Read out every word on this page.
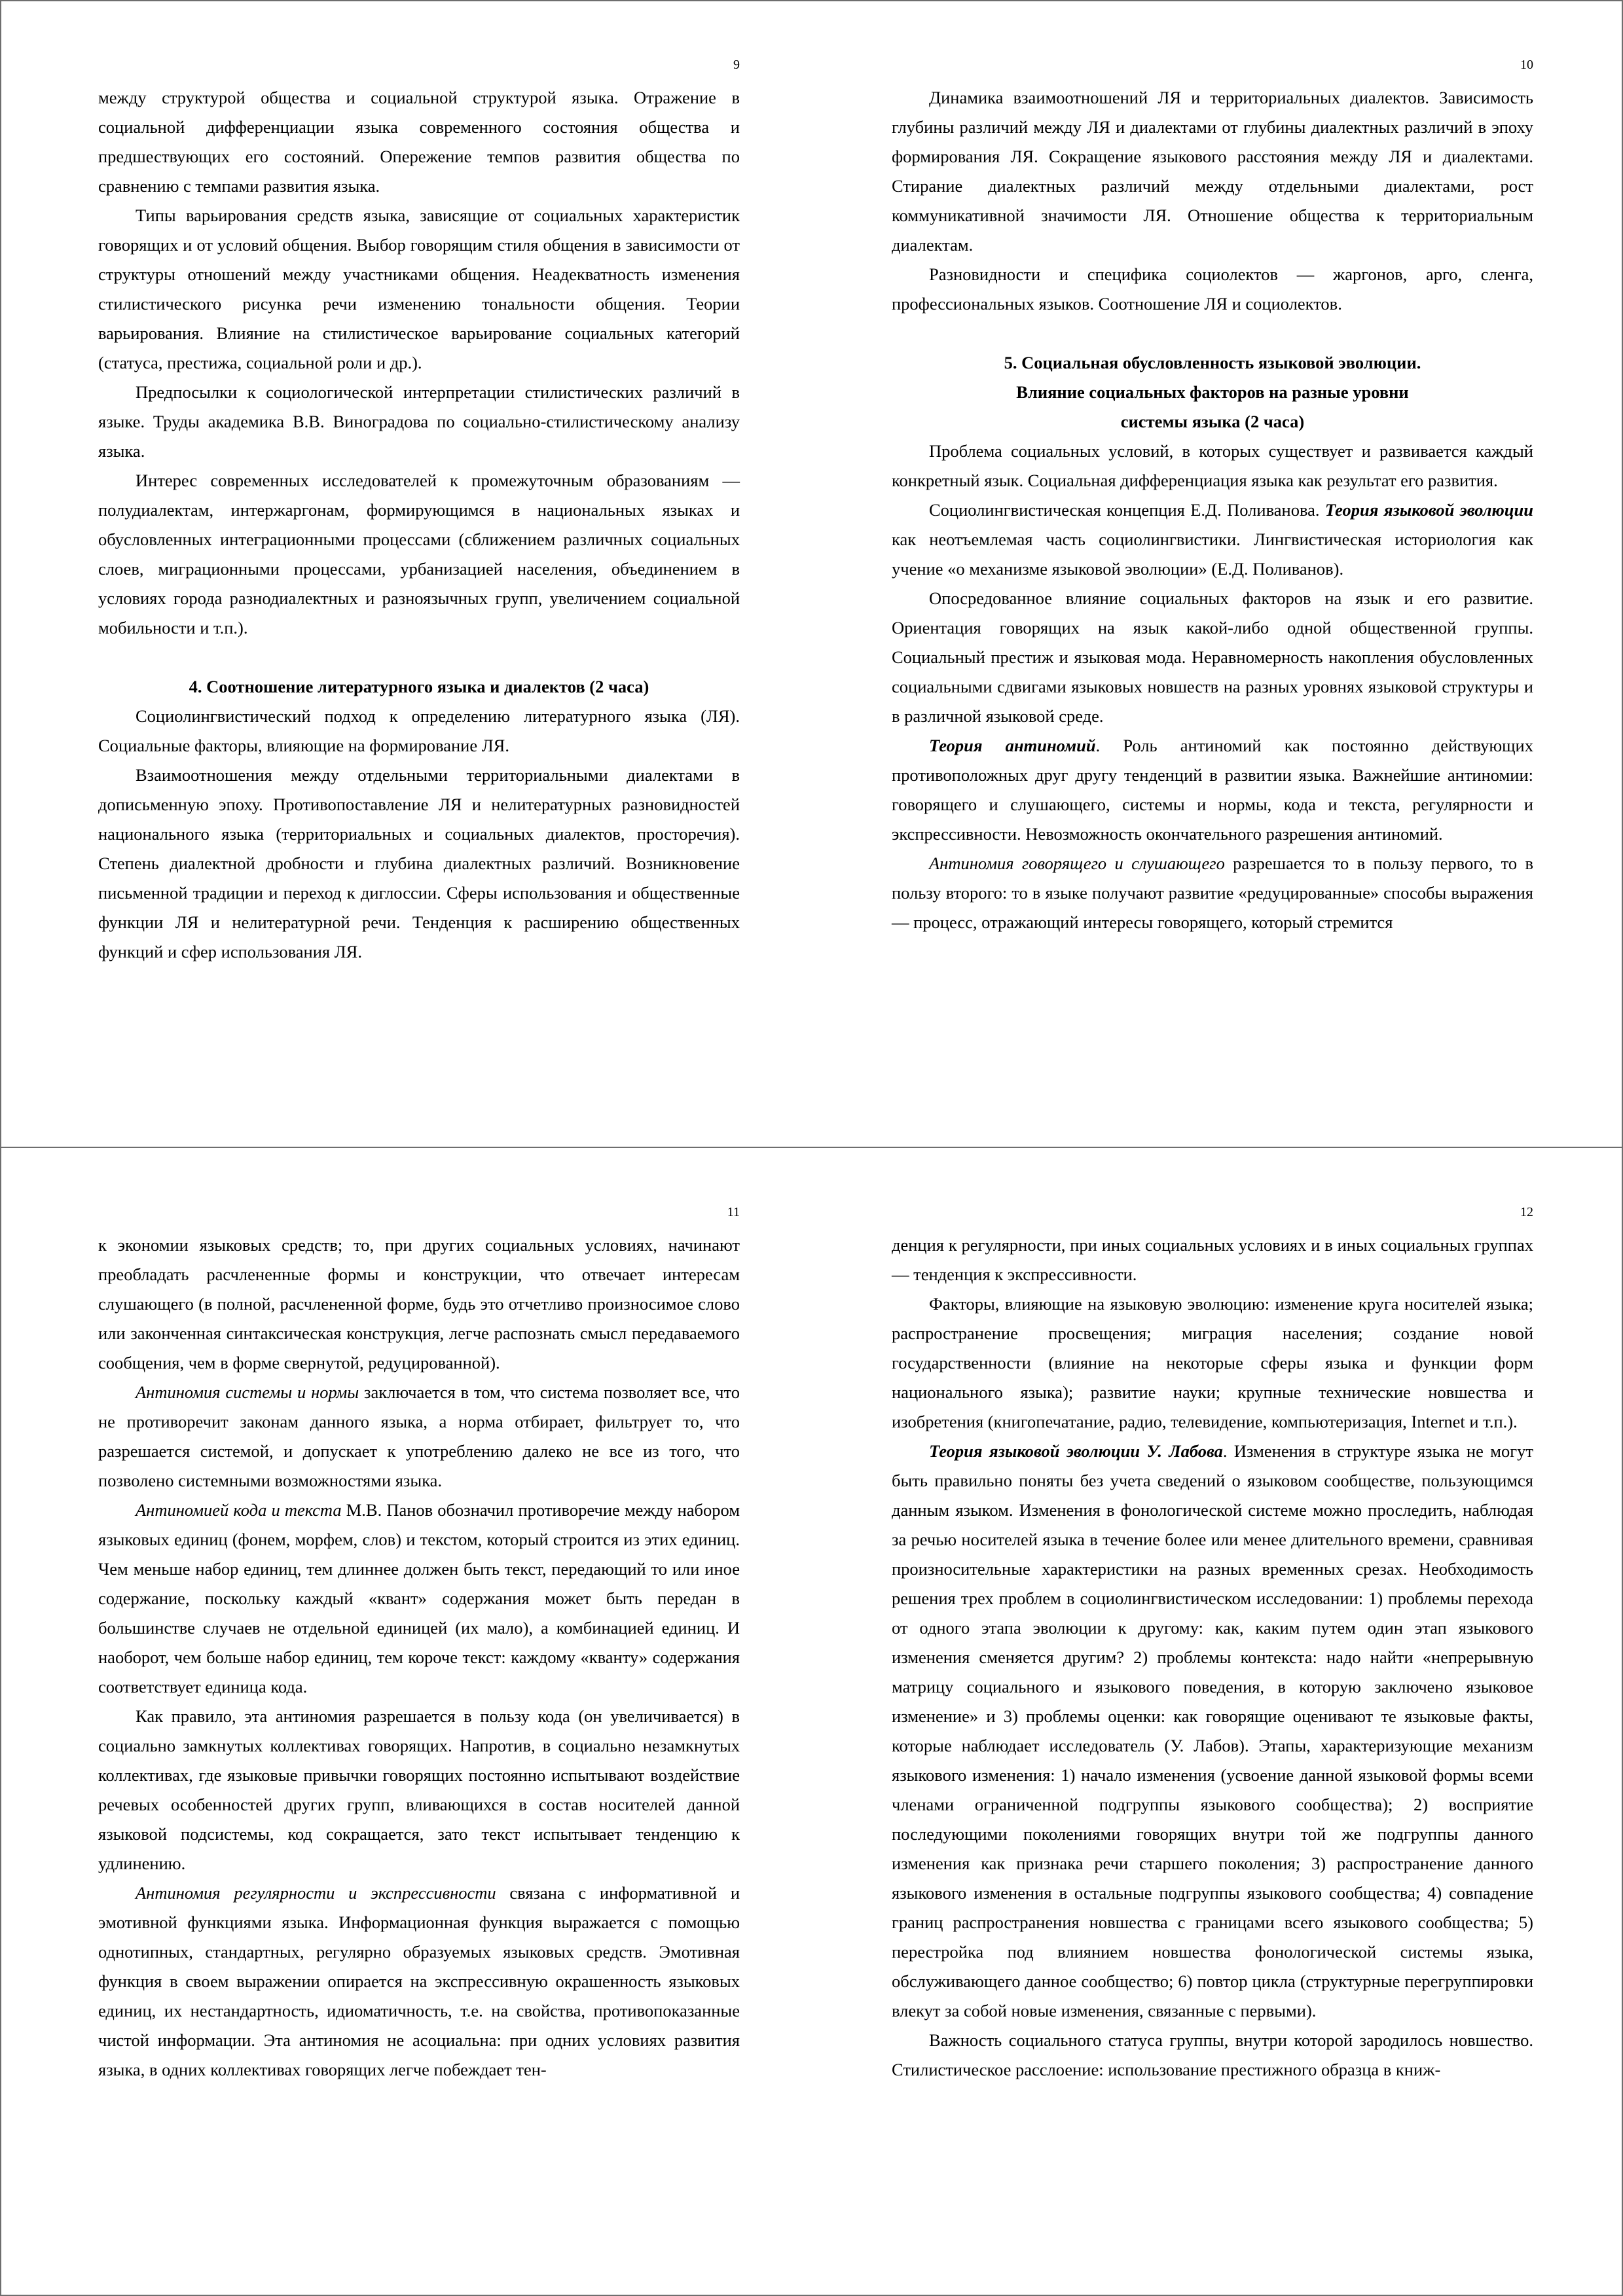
9

между структурой общества и социальной структурой языка. Отражение в социальной дифференциации языка современного состояния общества и предшествующих его состояний. Опережение темпов развития общества по сравнению с темпами развития языка.

Типы варьирования средств языка, зависящие от социальных характеристик говорящих и от условий общения. Выбор говорящим стиля общения в зависимости от структуры отношений между участниками общения. Неадекватность изменения стилистического рисунка речи изменению тональности общения. Теории варьирования. Влияние на стилистическое варьирование социальных категорий (статуса, престижа, социальной роли и др.).

Предпосылки к социологической интерпретации стилистических различий в языке. Труды академика В.В. Виноградова по социально-стилистическому анализу языка.

Интерес современных исследователей к промежуточным образованиям — полудиалектам, интержаргонам, формирующимся в национальных языках и обусловленных интеграционными процессами (сближением различных социальных слоев, миграционными процессами, урбанизацией населения, объединением в условиях города разнодиалектных и разноязычных групп, увеличением социальной мобильности и т.п.).

4. Соотношение литературного языка и диалектов (2 часа)

Социолингвистический подход к определению литературного языка (ЛЯ). Социальные факторы, влияющие на формирование ЛЯ.

Взаимоотношения между отдельными территориальными диалектами в дописьменную эпоху. Противопоставление ЛЯ и нелитературных разновидностей национального языка (территориальных и социальных диалектов, просторечия). Степень диалектной дробности и глубина диалектных различий. Возникновение письменной традиции и переход к диглоссии. Сферы использования и общественные функции ЛЯ и нелитературной речи. Тенденция к расширению общественных функций и сфер использования ЛЯ.

10

Динамика взаимоотношений ЛЯ и территориальных диалектов. Зависимость глубины различий между ЛЯ и диалектами от глубины диалектных различий в эпоху формирования ЛЯ. Сокращение языкового расстояния между ЛЯ и диалектами. Стирание диалектных различий между отдельными диалектами, рост коммуникативной значимости ЛЯ. Отношение общества к территориальным диалектам.

Разновидности и специфика социолектов — жаргонов, арго, сленга, профессиональных языков. Соотношение ЛЯ и социолектов.

5. Социальная обусловленность языковой эволюции.
Влияние социальных факторов на разные уровни
системы языка (2 часа)

Проблема социальных условий, в которых существует и развивается каждый конкретный язык. Социальная дифференциация языка как результат его развития.

Социолингвистическая концепция Е.Д. Поливанова. Теория языковой эволюции как неотъемлемая часть социолингвистики. Лингвистическая историология как учение «о механизме языковой эволюции» (Е.Д. Поливанов).

Опосредованное влияние социальных факторов на язык и его развитие. Ориентация говорящих на язык какой-либо одной общественной группы. Социальный престиж и языковая мода. Неравномерность накопления обусловленных социальными сдвигами языковых новшеств на разных уровнях языковой структуры и в различной языковой среде.

Теория антиномий. Роль антиномий как постоянно действующих противоположных друг другу тенденций в развитии языка. Важнейшие антиномии: говорящего и слушающего, системы и нормы, кода и текста, регулярности и экспрессивности. Невозможность окончательного разрешения антиномий.

Антиномия говорящего и слушающего разрешается то в пользу первого, то в пользу второго: то в языке получают развитие «редуцированные» способы выражения — процесс, отражающий интересы говорящего, который стремится

11

к экономии языковых средств; то, при других социальных условиях, начинают преобладать расчлененные формы и конструкции, что отвечает интересам слушающего (в полной, расчлененной форме, будь это отчетливо произносимое слово или законченная синтаксическая конструкция, легче распознать смысл передаваемого сообщения, чем в форме свернутой, редуцированной).

Антиномия системы и нормы заключается в том, что система позволяет все, что не противоречит законам данного языка, а норма отбирает, фильтрует то, что разрешается системой, и допускает к употреблению далеко не все из того, что позволено системными возможностями языка.

Антиномией кода и текста М.В. Панов обозначил противоречие между набором языковых единиц (фонем, морфем, слов) и текстом, который строится из этих единиц. Чем меньше набор единиц, тем длиннее должен быть текст, передающий то или иное содержание, поскольку каждый «квант» содержания может быть передан в большинстве случаев не отдельной единицей (их мало), а комбинацией единиц. И наоборот, чем больше набор единиц, тем короче текст: каждому «кванту» содержания соответствует единица кода.

Как правило, эта антиномия разрешается в пользу кода (он увеличивается) в социально замкнутых коллективах говорящих. Напротив, в социально незамкнутых коллективах, где языковые привычки говорящих постоянно испытывают воздействие речевых особенностей других групп, вливающихся в состав носителей данной языковой подсистемы, код сокращается, зато текст испытывает тенденцию к удлинению.

Антиномия регулярности и экспрессивности связана с информативной и эмотивной функциями языка. Информационная функция выражается с помощью однотипных, стандартных, регулярно образуемых языковых средств. Эмотивная функция в своем выражении опирается на экспрессивную окрашенность языковых единиц, их нестандартность, идиоматичность, т.е. на свойства, противопоказанные чистой информации. Эта антиномия не асоциальна: при одних условиях развития языка, в одних коллективах говорящих легче побеждает тен-

12

денция к регулярности, при иных социальных условиях и в иных социальных группах — тенденция к экспрессивности.

Факторы, влияющие на языковую эволюцию: изменение круга носителей языка; распространение просвещения; миграция населения; создание новой государственности (влияние на некоторые сферы языка и функции форм национального языка); развитие науки; крупные технические новшества и изобретения (книгопечатание, радио, телевидение, компьютеризация, Internet и т.п.).

Теория языковой эволюции У. Лабова. Изменения в структуре языка не могут быть правильно поняты без учета сведений о языковом сообществе, пользующимся данным языком. Изменения в фонологической системе можно проследить, наблюдая за речью носителей языка в течение более или менее длительного времени, сравнивая произносительные характеристики на разных временных срезах. Необходимость решения трех проблем в социолингвистическом исследовании: 1) проблемы перехода от одного этапа эволюции к другому: как, каким путем один этап языкового изменения сменяется другим? 2) проблемы контекста: надо найти «непрерывную матрицу социального и языкового поведения, в которую заключено языковое изменение» и 3) проблемы оценки: как говорящие оценивают те языковые факты, которые наблюдает исследователь (У. Лабов). Этапы, характеризующие механизм языкового изменения: 1) начало изменения (усвоение данной языковой формы всеми членами ограниченной подгруппы языкового сообщества); 2) восприятие последующими поколениями говорящих внутри той же подгруппы данного изменения как признака речи старшего поколения; 3) распространение данного языкового изменения в остальные подгруппы языкового сообщества; 4) совпадение границ распространения новшества с границами всего языкового сообщества; 5) перестройка под влиянием новшества фонологической системы языка, обслуживающего данное сообщество; 6) повтор цикла (структурные перегруппировки влекут за собой новые изменения, связанные с первыми).

Важность социального статуса группы, внутри которой зародилось новшество. Стилистическое расслоение: использование престижного образца в книж-
